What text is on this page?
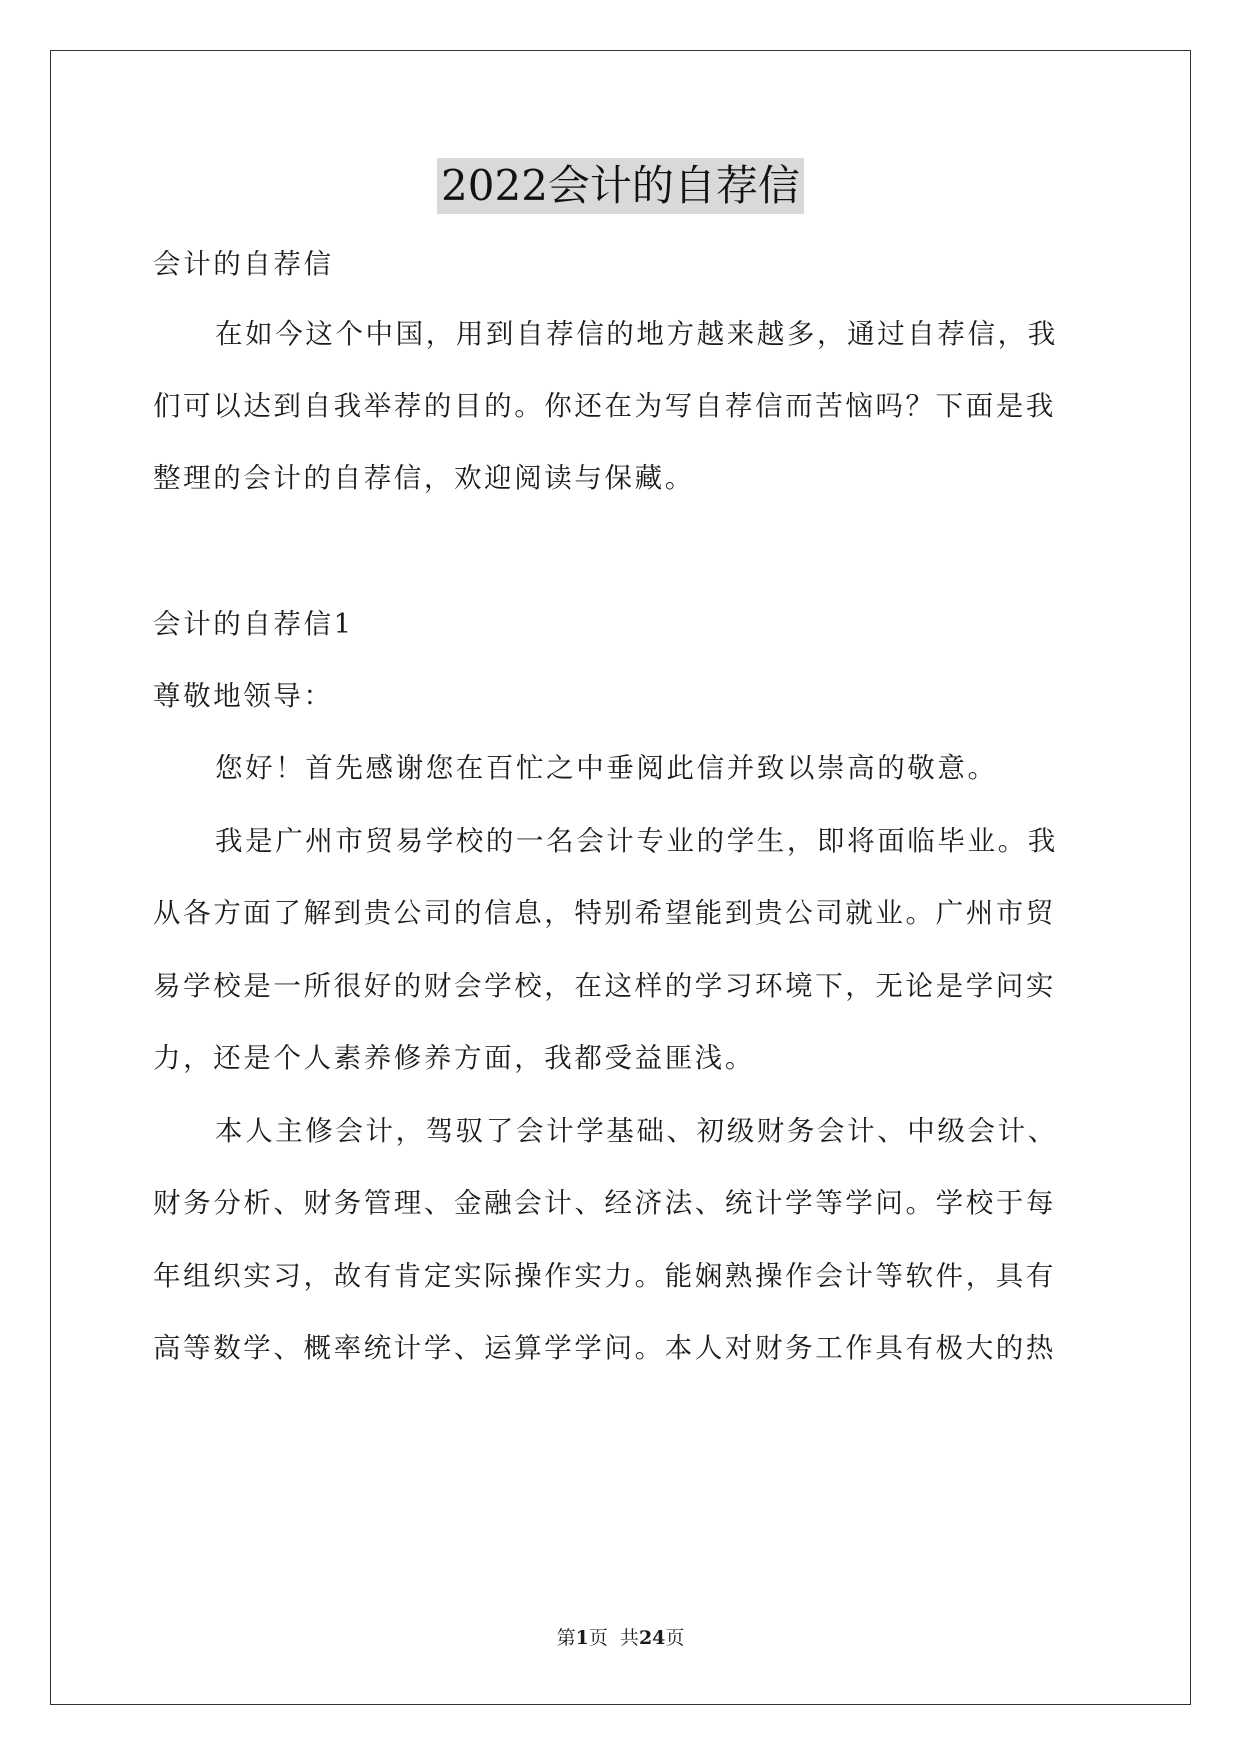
2022会计的自荐信
会计的自荐信
在如今这个中国，用到自荐信的地方越来越多，通过自荐信，我
们可以达到自我举荐的目的。你还在为写自荐信而苦恼吗？下面是我
整理的会计的自荐信，欢迎阅读与保藏。
会计的自荐信1
尊敬地领导：
您好！首先感谢您在百忙之中垂阅此信并致以崇高的敬意。
我是广州市贸易学校的一名会计专业的学生，即将面临毕业。我
从各方面了解到贵公司的信息，特别希望能到贵公司就业。广州市贸
易学校是一所很好的财会学校，在这样的学习环境下，无论是学问实
力，还是个人素养修养方面，我都受益匪浅。
本人主修会计，驾驭了会计学基础、初级财务会计、中级会计、
财务分析、财务管理、金融会计、经济法、统计学等学问。学校于每
年组织实习，故有肯定实际操作实力。能娴熟操作会计等软件，具有
高等数学、概率统计学、运算学学问。本人对财务工作具有极大的热
第1页  共24页
